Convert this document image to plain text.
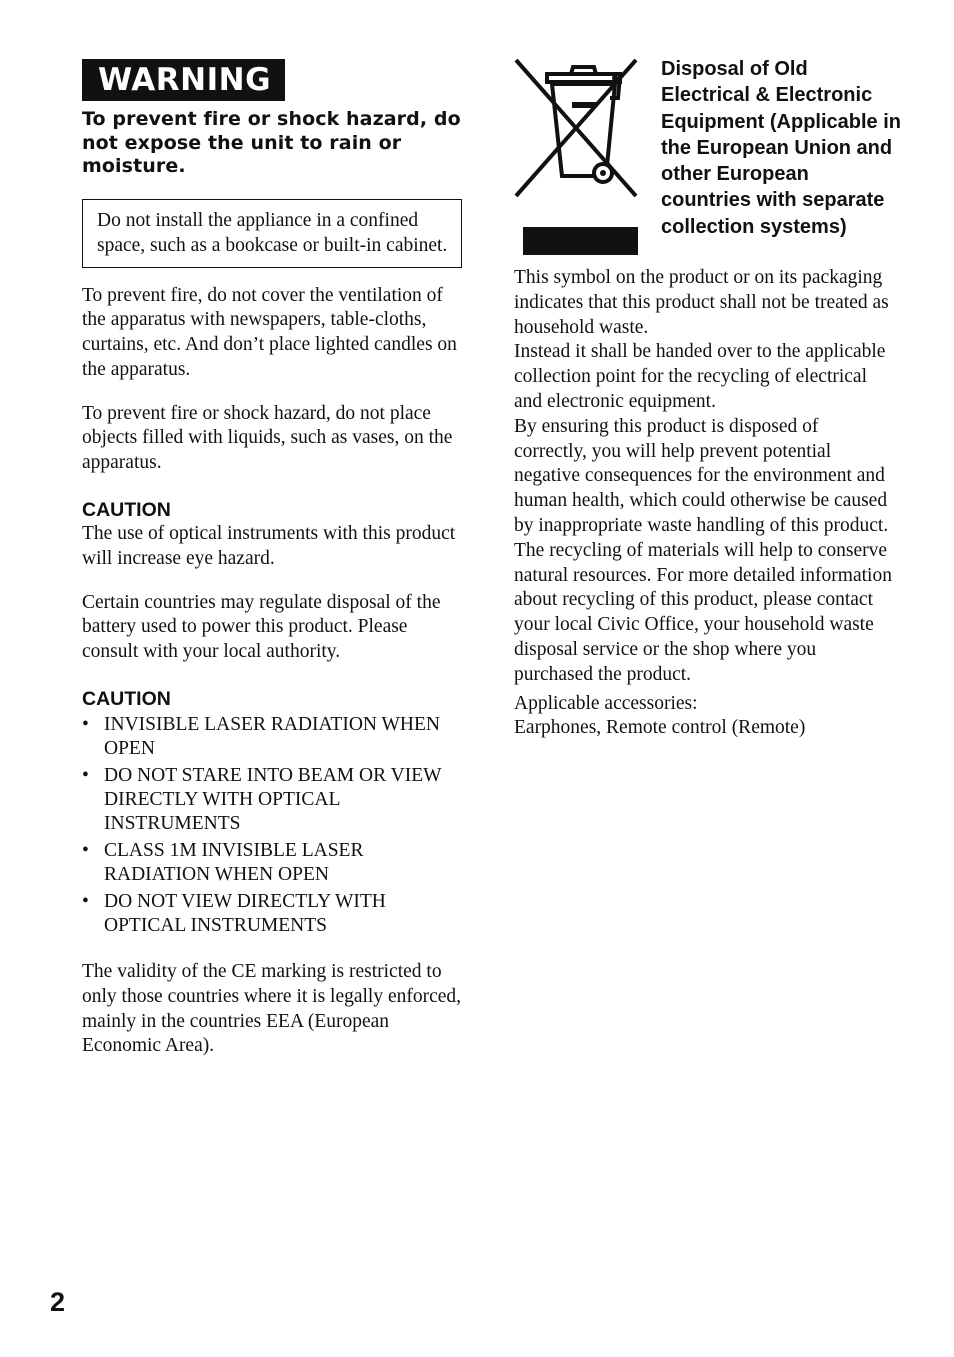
WARNING
To prevent fire or shock hazard, do not expose the unit to rain or moisture.
Do not install the appliance in a confined space, such as a bookcase or built-in cabinet.

To prevent fire, do not cover the ventilation of the apparatus with newspapers, table-cloths, curtains, etc. And don’t place lighted candles on the apparatus.

To prevent fire or shock hazard, do not place objects filled with liquids, such as vases, on the apparatus.

CAUTION

The use of optical instruments with this product will increase eye hazard.

Certain countries may regulate disposal of the battery used to power this product. Please consult with your local authority.

CAUTION
• INVISIBLE LASER RADIATION WHEN OPEN
• DO NOT STARE INTO BEAM OR VIEW DIRECTLY WITH OPTICAL INSTRUMENTS
• CLASS 1M INVISIBLE LASER RADIATION WHEN OPEN
• DO NOT VIEW DIRECTLY WITH OPTICAL INSTRUMENTS

The validity of the CE marking is restricted to only those countries where it is legally enforced, mainly in the countries EEA (European Economic Area).

Disposal of Old Electrical & Electronic Equipment (Applicable in the European Union and other European countries with separate collection systems)

This symbol on the product or on its packaging indicates that this product shall not be treated as household waste.
Instead it shall be handed over to the applicable collection point for the recycling of electrical and electronic equipment.
By ensuring this product is disposed of correctly, you will help prevent potential negative consequences for the environment and human health, which could otherwise be caused by inappropriate waste handling of this product. The recycling of materials will help to conserve natural resources. For more detailed information about recycling of this product, please contact your local Civic Office, your household waste disposal service or the shop where you purchased the product.

Applicable accessories:

Earphones, Remote control (Remote)

2
